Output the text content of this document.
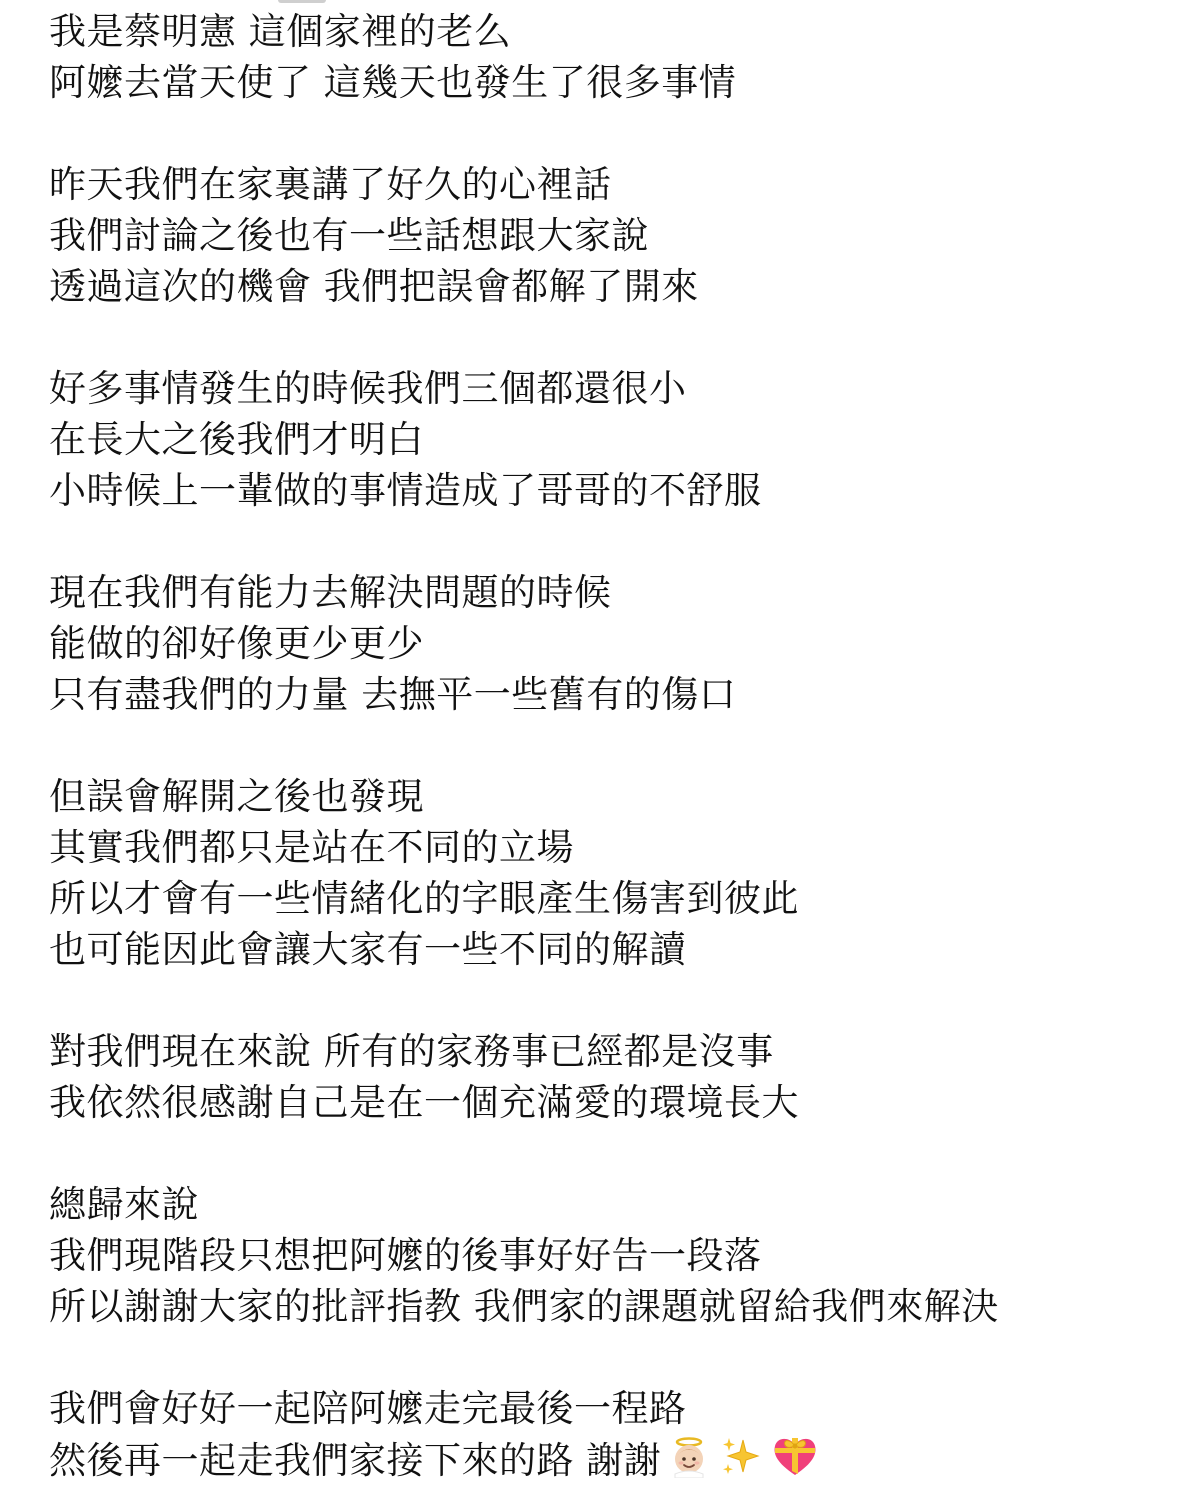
我是蔡明憲 這個家裡的老么
阿嬤去當天使了 這幾天也發生了很多事情
昨天我們在家裏講了好久的心裡話
我們討論之後也有一些話想跟大家說
透過這次的機會 我們把誤會都解了開來
好多事情發生的時候我們三個都還很小
在長大之後我們才明白
小時候上一輩做的事情造成了哥哥的不舒服
現在我們有能力去解決問題的時候
能做的卻好像更少更少
只有盡我們的力量 去撫平一些舊有的傷口
但誤會解開之後也發現
其實我們都只是站在不同的立場
所以才會有一些情緒化的字眼產生傷害到彼此
也可能因此會讓大家有一些不同的解讀
對我們現在來說 所有的家務事已經都是沒事
我依然很感謝自己是在一個充滿愛的環境長大
總歸來說
我們現階段只想把阿嬤的後事好好告一段落
所以謝謝大家的批評指教 我們家的課題就留給我們來解決
我們會好好一起陪阿嬤走完最後一程路
然後再一起走我們家接下來的路 謝謝
